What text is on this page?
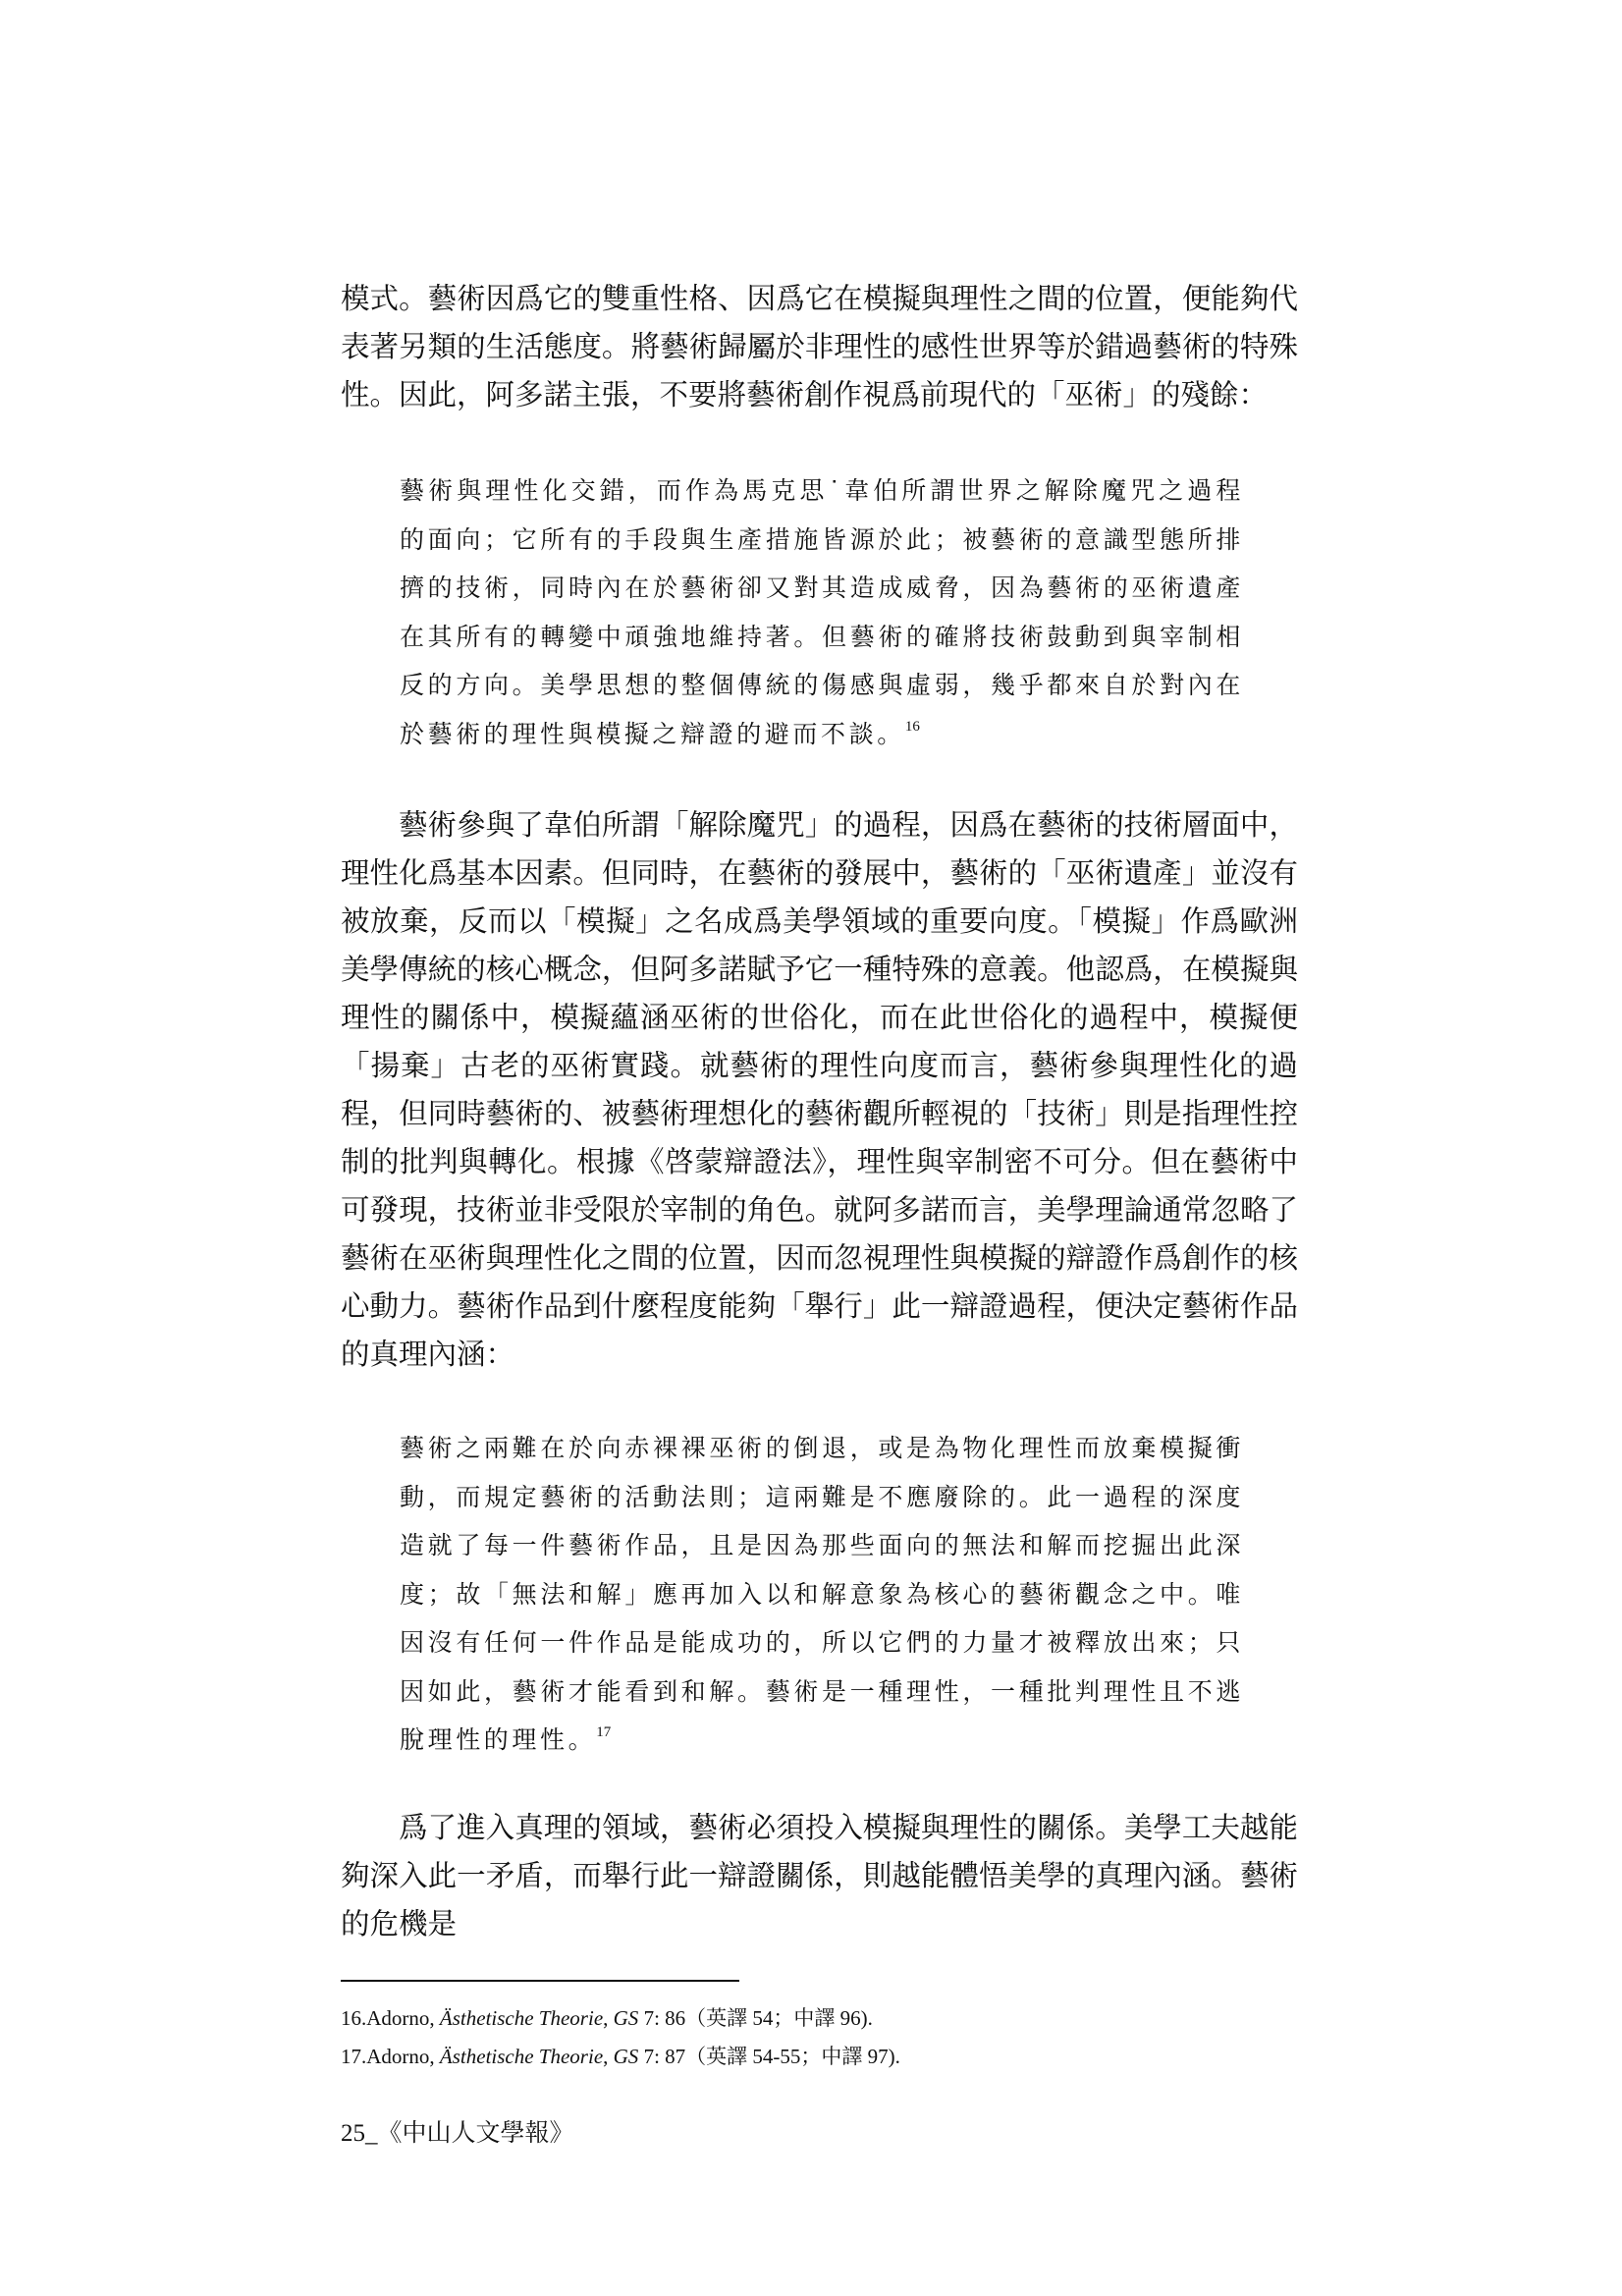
模式。藝術因爲它的雙重性格、因爲它在模擬與理性之間的位置，便能夠代表著另類的生活態度。將藝術歸屬於非理性的感性世界等於錯過藝術的特殊性。因此，阿多諾主張，不要將藝術創作視爲前現代的「巫術」的殘餘：

藝術與理性化交錯，而作為馬克思˙韋伯所謂世界之解除魔咒之過程的面向；它所有的手段與生產措施皆源於此；被藝術的意識型態所排擠的技術，同時內在於藝術卻又對其造成威脅，因為藝術的巫術遺產在其所有的轉變中頑強地維持著。但藝術的確將技術鼓動到與宰制相反的方向。美學思想的整個傳統的傷感與虛弱，幾乎都來自於對內在於藝術的理性與模擬之辯證的避而不談。$^{16}$

藝術參與了韋伯所謂「解除魔咒」的過程，因爲在藝術的技術層面中，理性化爲基本因素。但同時，在藝術的發展中，藝術的「巫術遺產」並沒有被放棄，反而以「模擬」之名成爲美學領域的重要向度。「模擬」作爲歐洲美學傳統的核心概念，但阿多諾賦予它一種特殊的意義。他認爲，在模擬與理性的關係中，模擬蘊涵巫術的世俗化，而在此世俗化的過程中，模擬便「揚棄」古老的巫術實踐。就藝術的理性向度而言，藝術參與理性化的過程，但同時藝術的、被藝術理想化的藝術觀所輕視的「技術」則是指理性控制的批判與轉化。根據《啓蒙辯證法》，理性與宰制密不可分。但在藝術中可發現，技術並非受限於宰制的角色。就阿多諾而言，美學理論通常忽略了藝術在巫術與理性化之間的位置，因而忽視理性與模擬的辯證作爲創作的核心動力。藝術作品到什麼程度能夠「舉行」此一辯證過程，便決定藝術作品的真理內涵：

藝術之兩難在於向赤裸裸巫術的倒退，或是為物化理性而放棄模擬衝動，而規定藝術的活動法則；這兩難是不應廢除的。此一過程的深度造就了每一件藝術作品，且是因為那些面向的無法和解而挖掘出此深度；故「無法和解」應再加入以和解意象為核心的藝術觀念之中。唯因沒有任何一件作品是能成功的，所以它們的力量才被釋放出來；只因如此，藝術才能看到和解。藝術是一種理性，一種批判理性且不逃脫理性的理性。$^{17}$

爲了進入真理的領域，藝術必須投入模擬與理性的關係。美學工夫越能夠深入此一矛盾，而舉行此一辯證關係，則越能體悟美學的真理內涵。藝術的危機是

16.Adorno, Ästhetische Theorie, GS 7: 86（英譯 54；中譯 96).

17.Adorno, Ästhetische Theorie, GS 7: 87（英譯 54-55；中譯 97).

25_《中山人文學報》
